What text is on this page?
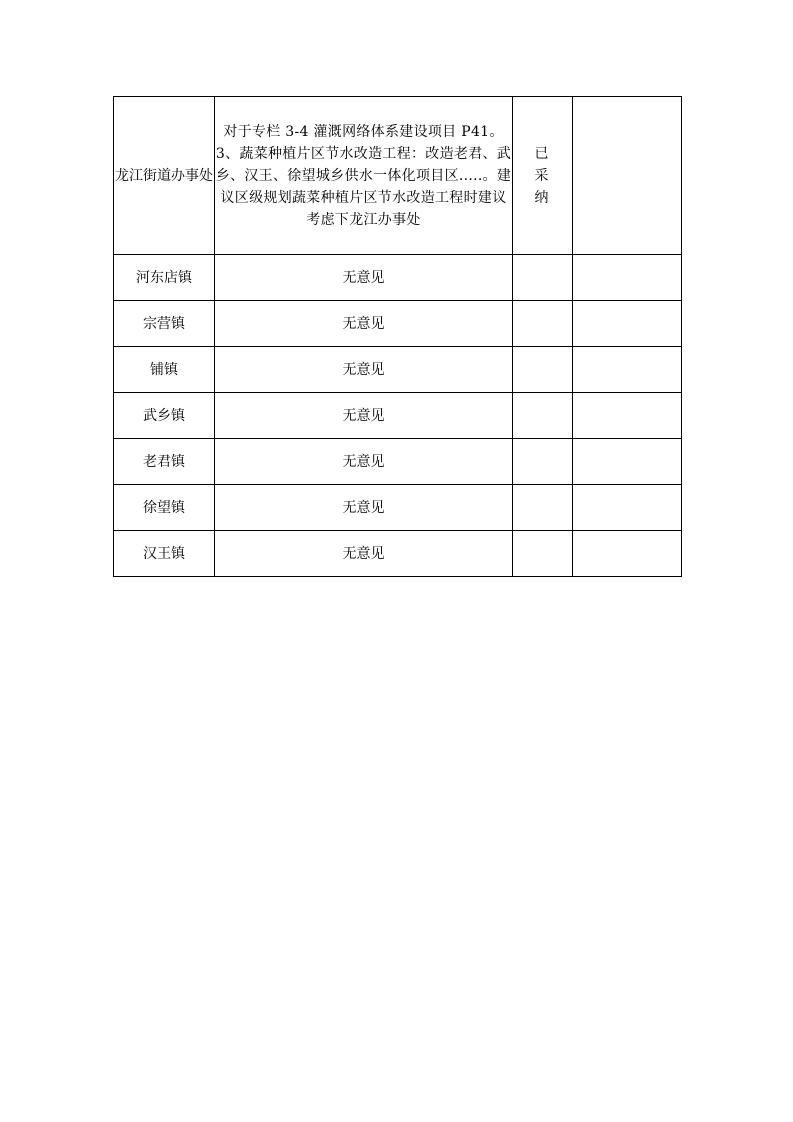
龙江街道办事处	对于专栏 3-4 灌溉网络体系建设项目 P41。3、蔬菜种植片区节水改造工程：改造老君、武乡、汉王、徐望城乡供水一体化项目区.....。建议区级规划蔬菜种植片区节水改造工程时建议考虑下龙江办事处	已采纳	
河东店镇	无意见		
宗营镇	无意见		
铺镇	无意见		
武乡镇	无意见		
老君镇	无意见		
徐望镇	无意见		
汉王镇	无意见		
